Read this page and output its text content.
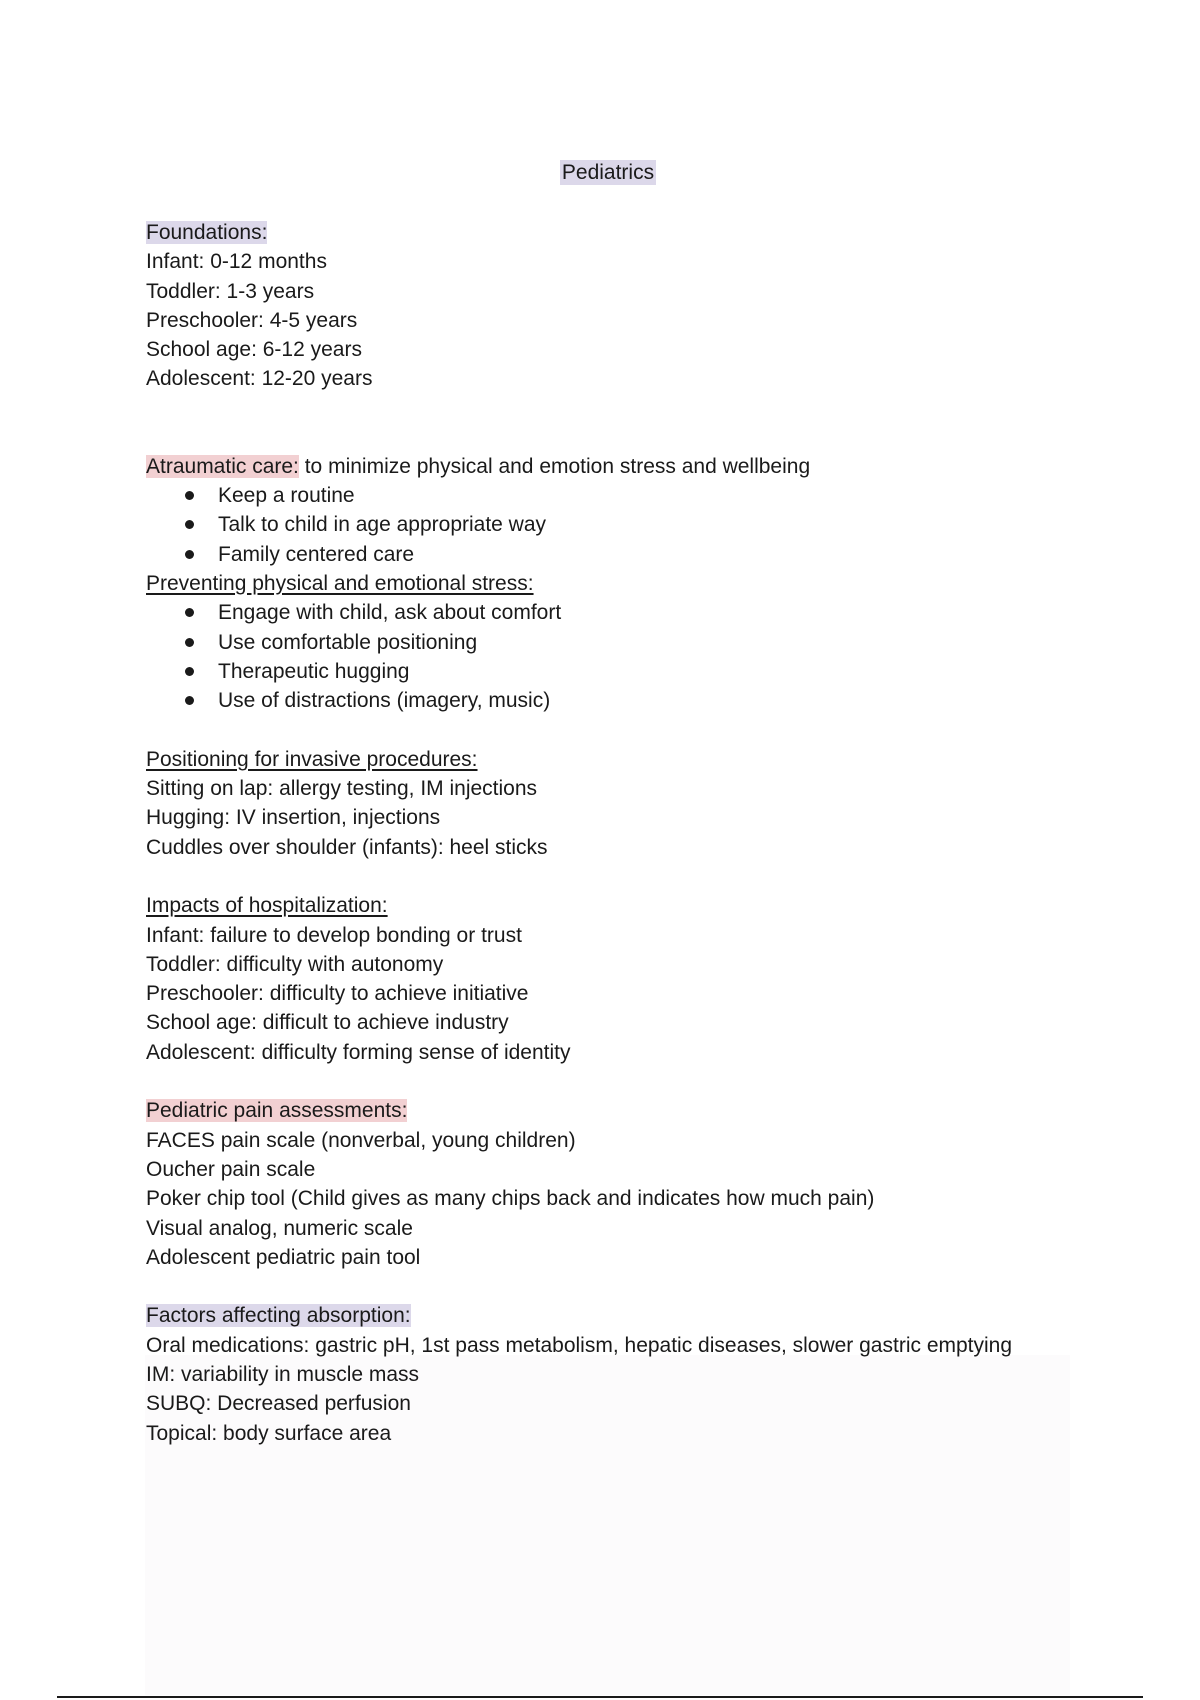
Pediatrics
Foundations:
Infant: 0-12 months
Toddler: 1-3 years
Preschooler: 4-5 years
School age: 6-12 years
Adolescent: 12-20 years
Atraumatic care: to minimize physical and emotion stress and wellbeing
Keep a routine
Talk to child in age appropriate way
Family centered care
Preventing physical and emotional stress:
Engage with child, ask about comfort
Use comfortable positioning
Therapeutic hugging
Use of distractions (imagery, music)
Positioning for invasive procedures:
Sitting on lap: allergy testing, IM injections
Hugging: IV insertion, injections
Cuddles over shoulder (infants): heel sticks
Impacts of hospitalization:
Infant: failure to develop bonding or trust
Toddler: difficulty with autonomy
Preschooler: difficulty to achieve initiative
School age: difficult to achieve industry
Adolescent: difficulty forming sense of identity
Pediatric pain assessments:
FACES pain scale (nonverbal, young children)
Oucher pain scale
Poker chip tool (Child gives as many chips back and indicates how much pain)
Visual analog, numeric scale
Adolescent pediatric pain tool
Factors affecting absorption:
Oral medications: gastric pH, 1st pass metabolism, hepatic diseases, slower gastric emptying
IM: variability in muscle mass
SUBQ: Decreased perfusion
Topical: body surface area
